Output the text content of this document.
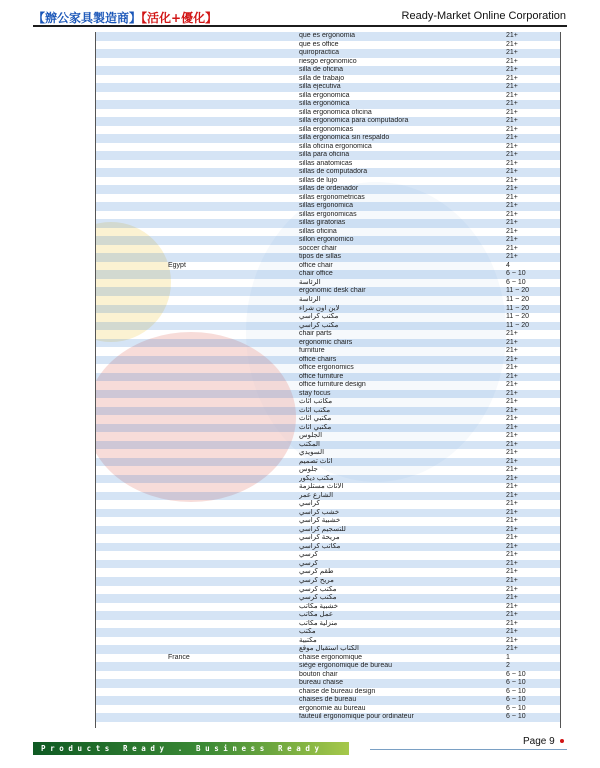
【辦公家具製造商】【活化+優化】	Ready-Market Online Corporation
que es ergonomia	21+
que es office	21+
quiropractica	21+
riesgo ergonomico	21+
silla de oficina	21+
silla de trabajo	21+
silla ejecutiva	21+
silla ergonomica	21+
silla ergonómica	21+
silla ergonomica oficina	21+
silla ergonomica para computadora	21+
silla ergonomicas	21+
silla ergonomica sin respaldo	21+
silla oficina ergonomica	21+
silla para oficina	21+
sillas anatomicas	21+
sillas de computadora	21+
sillas de lujo	21+
sillas de ordenador	21+
sillas ergonometricas	21+
sillas ergonomica	21+
sillas ergonomicas	21+
sillas giratorias	21+
sillas oficina	21+
sillon ergonomico	21+
soccer chair	21+
tipos de sillas	21+
Egypt	office chair	4
chair office	6 ~ 10
الرئاسة	6 ~ 10
ergonomic desk chair	11 ~ 20
الرئاسة	11 ~ 20
لاين اون شراء	11 ~ 20
مكتب كراسي	11 ~ 20
مكتب كراسي	11 ~ 20
chair parts	21+
ergonomic chairs	21+
furniture	21+
office chairs	21+
office ergonomics	21+
office furniture	21+
office furniture design	21+
stay focus	21+
مكاتب اثاث	21+
مكتب اثاث	21+
مكتبي اثاث	21+
مكتبي اثاث	21+
الجلوس	21+
المكتب	21+
السويدي	21+
اثاث تصميم	21+
جلوس	21+
مكتب ديكور	21+
الاثاث مستلزمة	21+
الشارع عمر	21+
كراسي	21+
خشب كراسي	21+
خشبية كراسي	21+
للتسجيم كراسي	21+
مريحة كراسي	21+
مكاتب كراسي	21+
كرسي	21+
كرسي	21+
طقم كرسي	21+
مريح كرسي	21+
مكتب كرسي	21+
مكتب كرسي	21+
خشبية مكاتب	21+
عمل مكاتب	21+
منزلية مكاتب	21+
مكتب	21+
مكتبية	21+
الكتاب استقبال موقع	21+
France	chaise ergonomique	1
siège ergonomique de bureau	2
bouton chair	6 ~ 10
bureau chaise	6 ~ 10
chaise de bureau design	6 ~ 10
chaises de bureau	6 ~ 10
ergonomie au bureau	6 ~ 10
fauteuil ergonomique pour ordinateur	6 ~ 10
Products Ready . Business Ready
Page 9
